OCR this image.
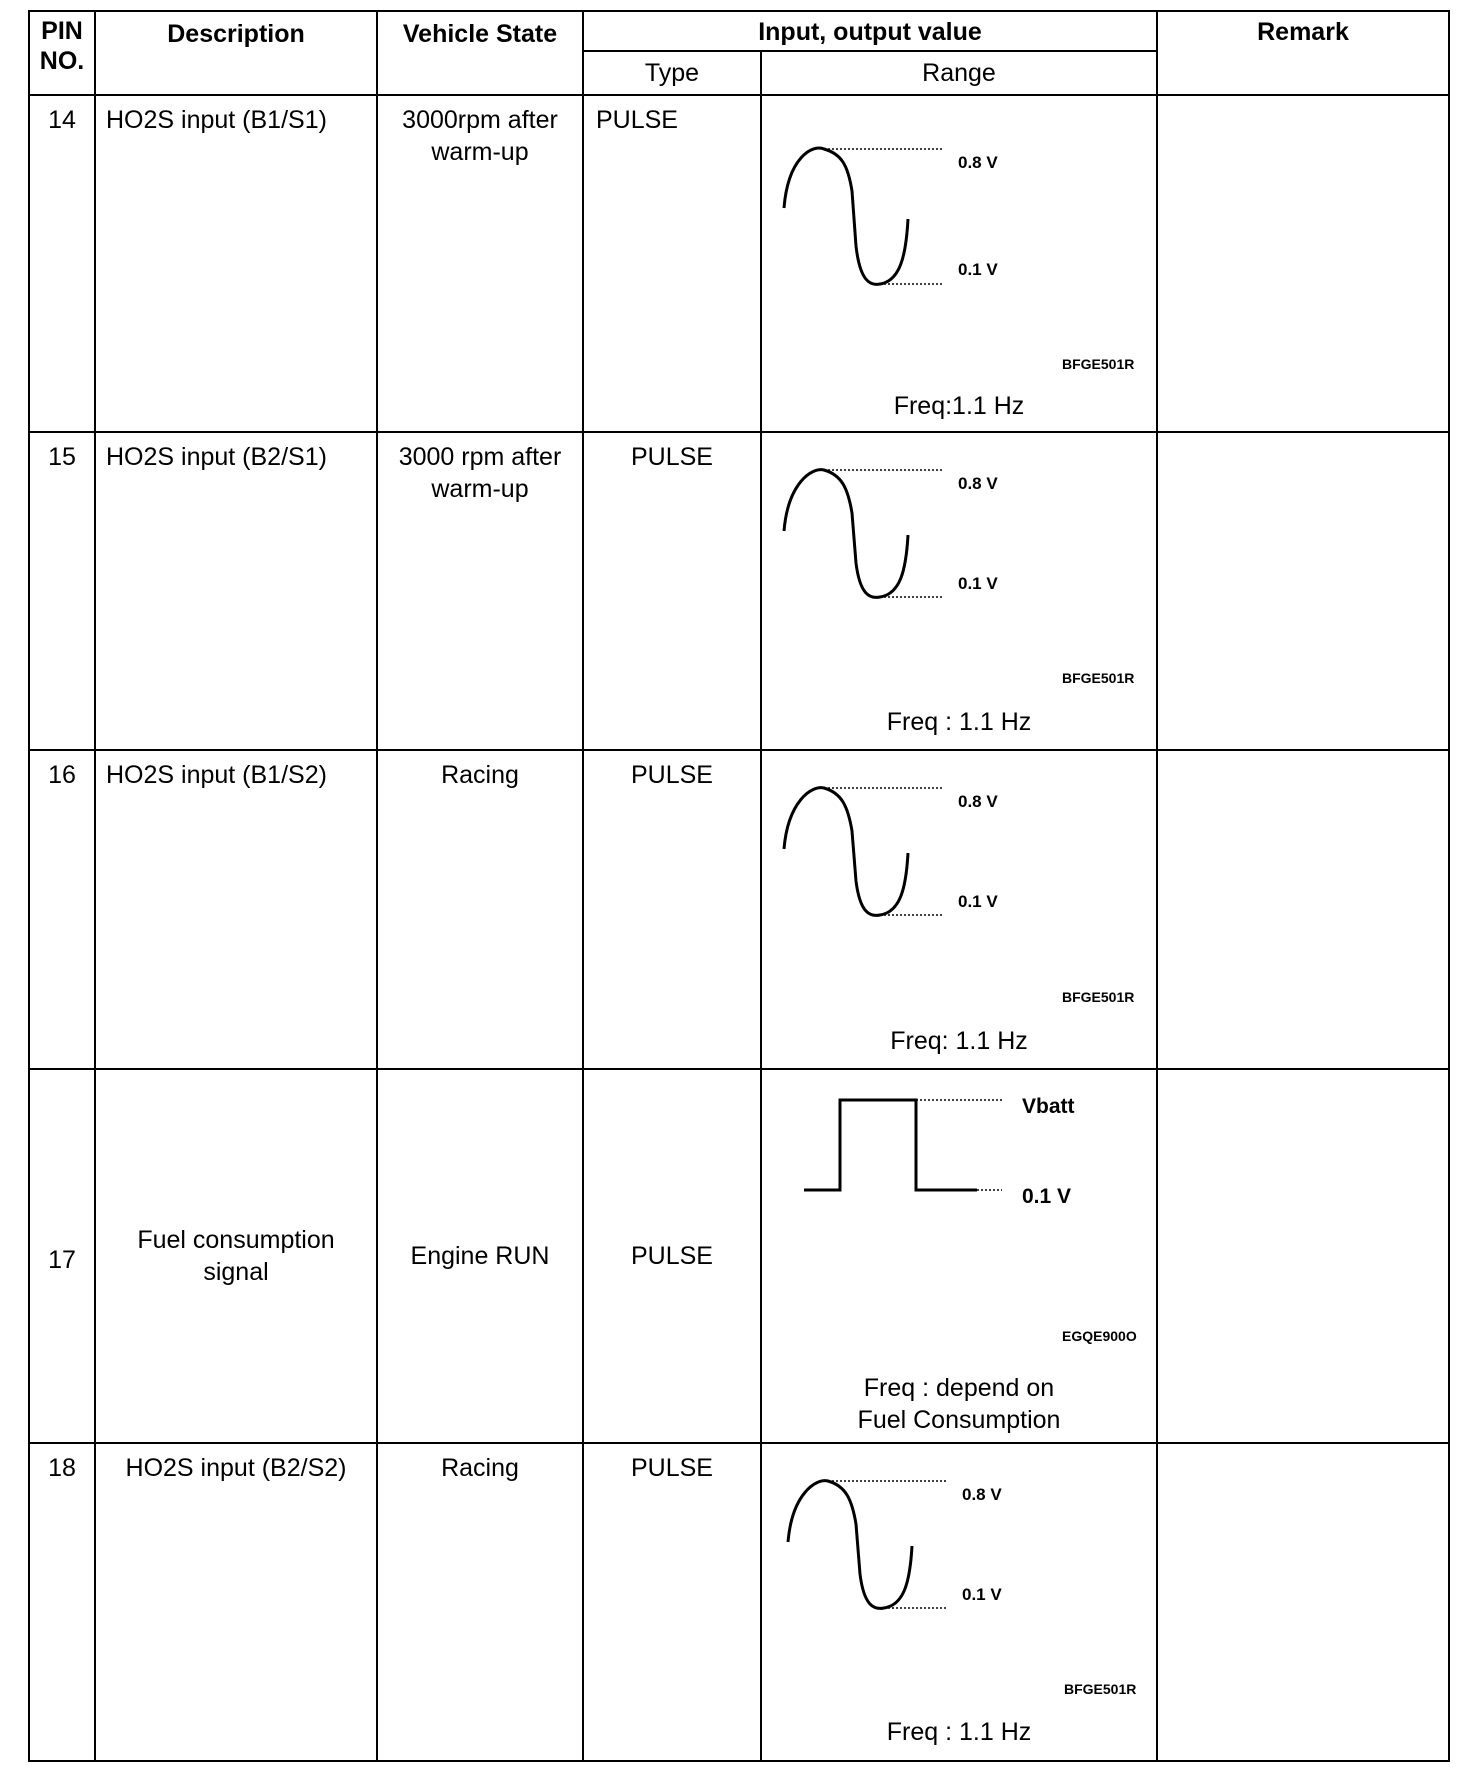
PIN
NO.	Description	Vehicle State	Input, output value		Remark
			Type	Range	
14	HO2S input (B1/S1)	3000rpm after warm-up	PULSE	0.8 V
0.1 V
BFGE501R
Freq:1.1 Hz	

15	HO2S input (B2/S1)	3000 rpm after warm-up	PULSE	0.8 V
0.1 V
BFGE501R
Freq : 1.1 Hz	

16	HO2S input (B1/S2)	Racing	PULSE	0.8 V
0.1 V
BFGE501R
Freq: 1.1 Hz	

17	Fuel consumption signal	Engine RUN	PULSE	Vbatt
0.1 V
EGQE900O
Freq : depend on
Fuel Consumption	

18	HO2S input (B2/S2)	Racing	PULSE	0.8 V
0.1 V
BFGE501R
Freq : 1.1 Hz	
